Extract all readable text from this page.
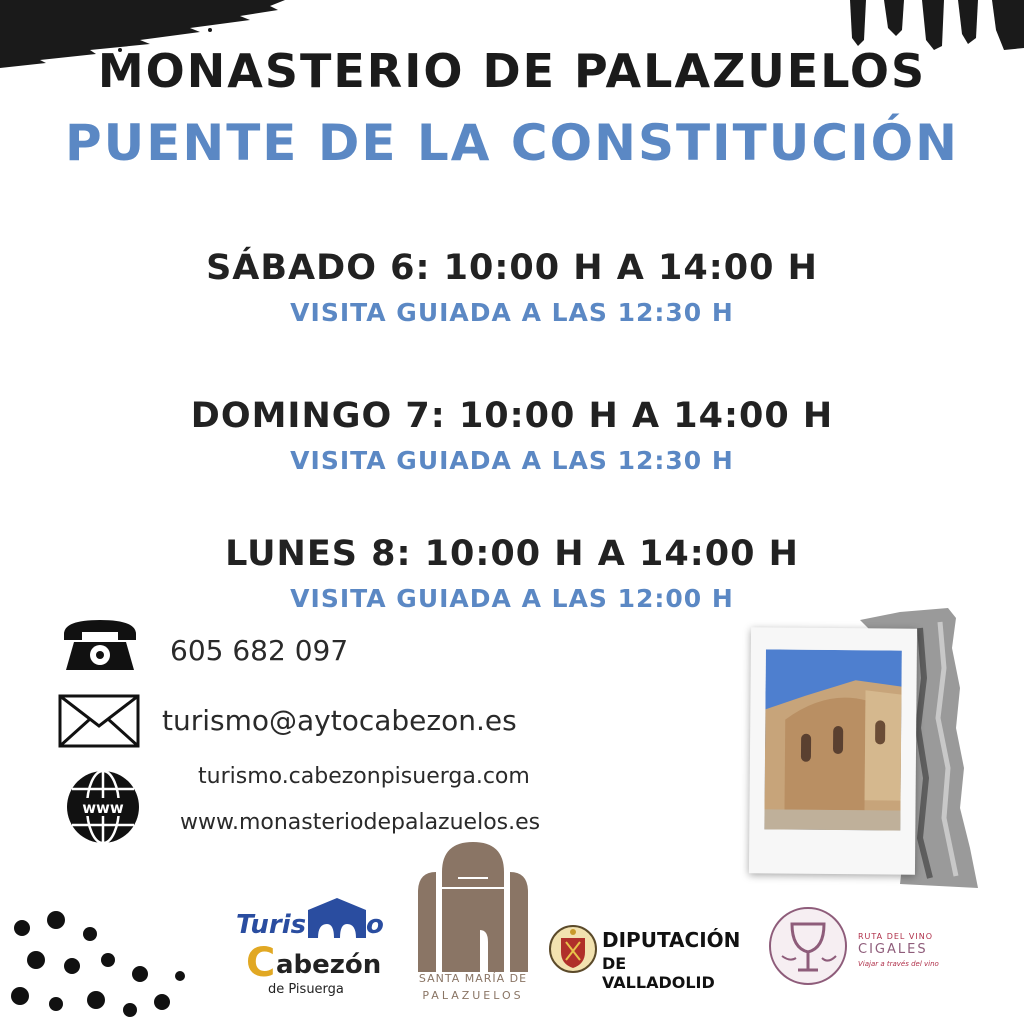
MONASTERIO DE PALAZUELOS
PUENTE DE LA CONSTITUCIÓN
SÁBADO 6: 10:00 H A 14:00 H
VISITA GUIADA A LAS 12:30 H
DOMINGO 7: 10:00 H A 14:00 H
VISITA GUIADA A LAS 12:30 H
LUNES 8: 10:00 H A 14:00 H
VISITA GUIADA A LAS 12:00 H
605 682 097
turismo@aytocabezon.es
www
turismo.cabezonpisuerga.com
www.monasteriodepalazuelos.es
Turis o
C abezón
de Pisuerga
SANTA MARÍA DE
PALAZUELOS
DIPUTACIÓN
DE VALLADOLID
RUTA DEL VINO
CIGALES
Viajar a través del vino
